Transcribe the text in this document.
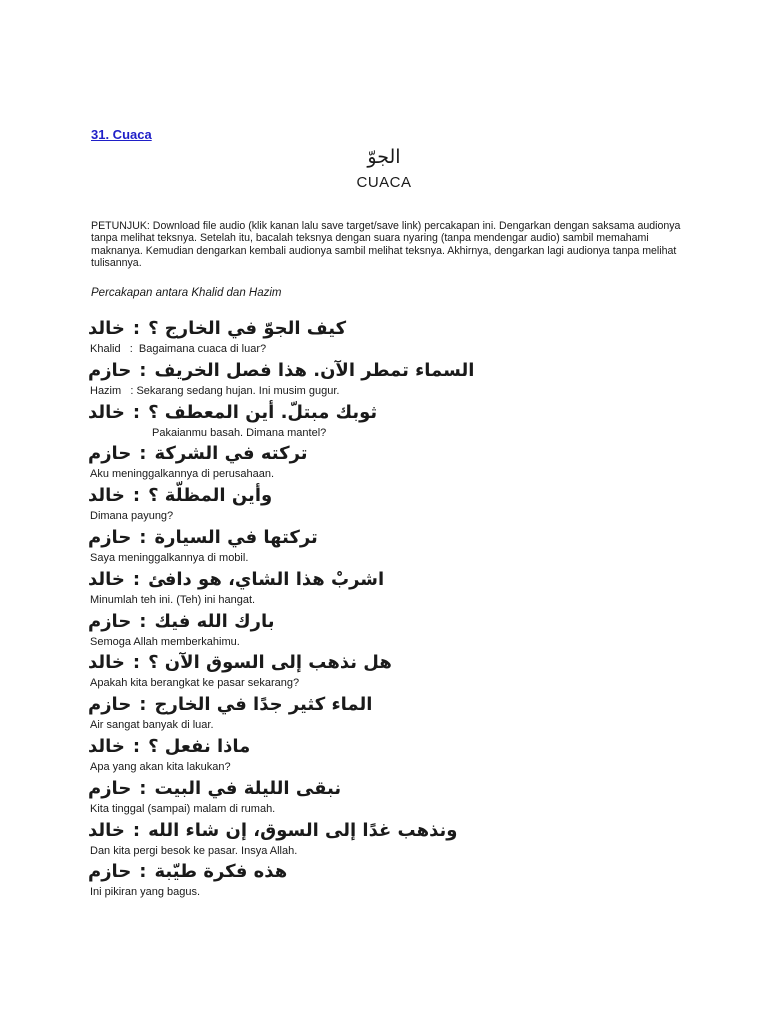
31. Cuaca
الجوّ
CUACA
PETUNJUK: Download file audio (klik kanan lalu save target/save link) percakapan ini. Dengarkan dengan saksama audionya tanpa melihat teksnya. Setelah itu, bacalah teksnya dengan suara nyaring (tanpa mendengar audio) sambil memahami maknanya. Kemudian dengarkan kembali audionya sambil melihat teksnya. Akhirnya, dengarkan lagi audionya tanpa melihat tulisannya.
Percakapan antara Khalid dan Hazim
خالد : كيف الجوّ في الخارج ؟
Khalid   :  Bagaimana cuaca di luar?
حازم : السماء تمطر الآن. هذا فصل الخريف
Hazim   : Sekarang sedang hujan. Ini musim gugur.
خالد : ثوبك مبتلّ. أين المعطف ؟
Pakaianmu basah. Dimana mantel?
حازم : تركته في الشركة
Aku meninggalkannya di perusahaan.
خالد : وأين المظلّة ؟
Dimana payung?
حازم : تركتها في السيارة
Saya meninggalkannya di mobil.
خالد : اشربْ هذا الشاي، هو دافئ
Minumlah teh ini. (Teh) ini hangat.
حازم : بارك الله فيك
Semoga Allah memberkahimu.
خالد : هل نذهب إلى السوق الآن ؟
Apakah kita berangkat ke pasar sekarang?
حازم : الماء كثير جدًا في الخارج
Air sangat banyak di luar.
خالد : ماذا نفعل ؟
Apa yang akan kita lakukan?
حازم : نبقى الليلة في البيت
Kita tinggal (sampai) malam di rumah.
خالد : ونذهب غدًا إلى السوق، إن شاء الله
Dan kita pergi besok ke pasar. Insya Allah.
حازم : هذه فكرة طيّبة
Ini pikiran yang bagus.
